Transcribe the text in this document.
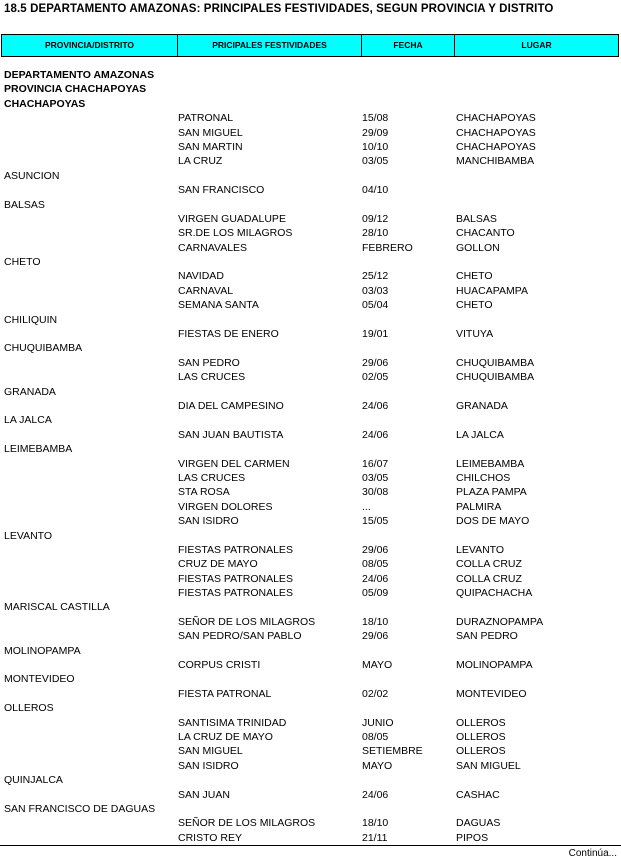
18.5 DEPARTAMENTO AMAZONAS: PRINCIPALES FESTIVIDADES, SEGUN PROVINCIA Y DISTRITO
PROVINCIA/DISTRITO	PRICIPALES FESTIVIDADES	FECHA	LUGAR
DEPARTAMENTO AMAZONAS
PROVINCIA CHACHAPOYAS
CHACHAPOYAS
PATRONAL	15/08	CHACHAPOYAS
SAN MIGUEL	29/09	CHACHAPOYAS
SAN MARTIN	10/10	CHACHAPOYAS
LA CRUZ	03/05	MANCHIBAMBA
ASUNCION
SAN FRANCISCO	04/10
BALSAS
VIRGEN GUADALUPE	09/12	BALSAS
SR.DE LOS MILAGROS	28/10	CHACANTO
CARNAVALES	FEBRERO	GOLLON
CHETO
NAVIDAD	25/12	CHETO
CARNAVAL	03/03	HUACAPAMPA
SEMANA SANTA	05/04	CHETO
CHILIQUIN
FIESTAS DE ENERO	19/01	VITUYA
CHUQUIBAMBA
SAN PEDRO	29/06	CHUQUIBAMBA
LAS CRUCES	02/05	CHUQUIBAMBA
GRANADA
DIA DEL CAMPESINO	24/06	GRANADA
LA JALCA
SAN JUAN BAUTISTA	24/06	LA JALCA
LEIMEBAMBA
VIRGEN DEL CARMEN	16/07	LEIMEBAMBA
LAS CRUCES	03/05	CHILCHOS
STA ROSA	30/08	PLAZA PAMPA
VIRGEN DOLORES	...	PALMIRA
SAN ISIDRO	15/05	DOS DE MAYO
LEVANTO
FIESTAS PATRONALES	29/06	LEVANTO
CRUZ DE MAYO	08/05	COLLA CRUZ
FIESTAS PATRONALES	24/06	COLLA CRUZ
FIESTAS PATRONALES	05/09	QUIPACHACHA
MARISCAL CASTILLA
SEÑOR DE LOS MILAGROS	18/10	DURAZNOPAMPA
SAN PEDRO/SAN PABLO	29/06	SAN PEDRO
MOLINOPAMPA
CORPUS CRISTI	MAYO	MOLINOPAMPA
MONTEVIDEO
FIESTA PATRONAL	02/02	MONTEVIDEO
OLLEROS
SANTISIMA TRINIDAD	JUNIO	OLLEROS
LA CRUZ DE MAYO	08/05	OLLEROS
SAN MIGUEL	SETIEMBRE	OLLEROS
SAN ISIDRO	MAYO	SAN MIGUEL
QUINJALCA
SAN JUAN	24/06	CASHAC
SAN FRANCISCO DE DAGUAS
SEÑOR DE LOS MILAGROS	18/10	DAGUAS
CRISTO REY	21/11	PIPOS
Continúa...
